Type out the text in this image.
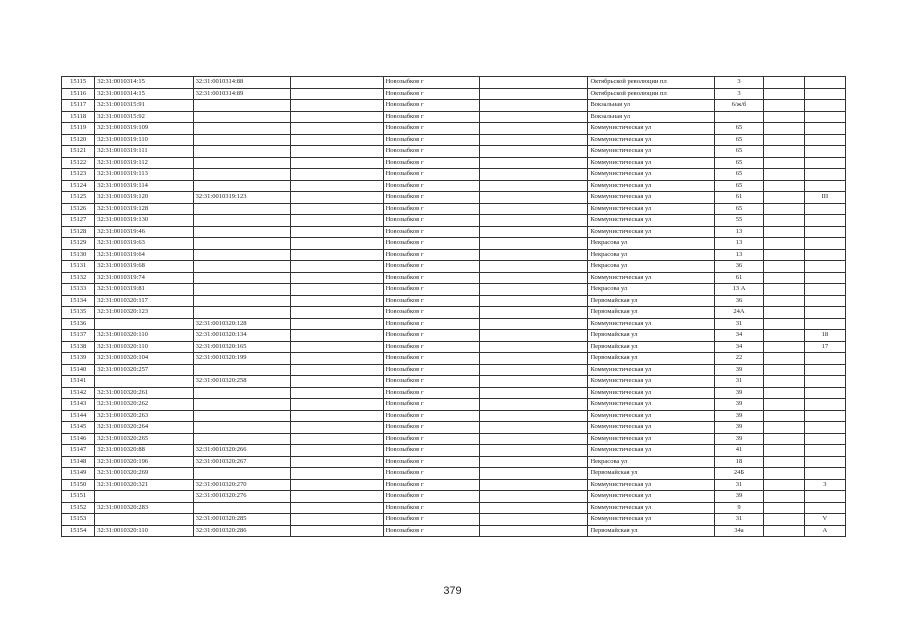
15115	32:31:0010314:15	32:31:0010314:88		Новозыбков г		Октябрьской революции пл	3		
15116	32:31:0010314:15	32:31:0010314:89		Новозыбков г		Октябрьской революции пл	3		
15117	32:31:0010315:91			Новозыбков г		Вокзальная ул	6/ж/б		
15118	32:31:0010315:92			Новозыбков г		Вокзальная ул			
15119	32:31:0010319:109			Новозыбков г		Коммунистическая ул	65		
15120	32:31:0010319:110			Новозыбков г		Коммунистическая ул	65		
15121	32:31:0010319:111			Новозыбков г		Коммунистическая ул	65		
15122	32:31:0010319:112			Новозыбков г		Коммунистическая ул	65		
15123	32:31:0010319:113			Новозыбков г		Коммунистическая ул	65		
15124	32:31:0010319:114			Новозыбков г		Коммунистическая ул	65		
15125	32:31:0010319:120	32:31:0010319:123		Новозыбков г		Коммунистическая ул	61		III
15126	32:31:0010319:128			Новозыбков г		Коммунистическая ул	65		
15127	32:31:0010319:130			Новозыбков г		Коммунистическая ул	55		
15128	32:31:0010319:46			Новозыбков г		Коммунистическая ул	13		
15129	32:31:0010319:63			Новозыбков г		Некрасова ул	13		
15130	32:31:0010319:64			Новозыбков г		Некрасова ул	13		
15131	32:31:0010319:68			Новозыбков г		Некрасова ул	36		
15132	32:31:0010319:74			Новозыбков г		Коммунистическая ул	61		
15133	32:31:0010319:81			Новозыбков г		Некрасова ул	13 А		
15134	32:31:0010320:117			Новозыбков г		Первомайская ул	36		
15135	32:31:0010320:123			Новозыбков г		Первомайская ул	24А		
15136		32:31:0010320:128		Новозыбков г		Коммунистическая ул	31		
15137	32:31:0010320:110	32:31:0010320:134		Новозыбков г		Первомайская ул	34		18
15138	32:31:0010320:110	32:31:0010320:165		Новозыбков г		Первомайская ул	34		17
15139	32:31:0010320:104	32:31:0010320:199		Новозыбков г		Первомайская ул	22		
15140	32:31:0010320:257			Новозыбков г		Коммунистическая ул	39		
15141		32:31:0010320:258		Новозыбков г		Коммунистическая ул	31		
15142	32:31:0010320:261			Новозыбков г		Коммунистическая ул	39		
15143	32:31:0010320:262			Новозыбков г		Коммунистическая ул	39		
15144	32:31:0010320:263			Новозыбков г		Коммунистическая ул	39		
15145	32:31:0010320:264			Новозыбков г		Коммунистическая ул	39		
15146	32:31:0010320:265			Новозыбков г		Коммунистическая ул	39		
15147	32:31:0010320:88	32:31:0010320:266		Новозыбков г		Коммунистическая ул	41		
15148	32:31:0010320:196	32:31:0010320:267		Новозыбков г		Некрасова ул	18		
15149	32:31:0010320:269			Новозыбков г		Первомайская ул	24Б		
15150	32:31:0010320:321	32:31:0010320:270		Новозыбков г		Коммунистическая ул	31		3
15151		32:31:0010320:276		Новозыбков г		Коммунистическая ул	39		
15152	32:31:0010320:283			Новозыбков г		Коммунистическая ул	9		
15153		32:31:0010320:285		Новозыбков г		Коммунистическая ул	31		V
15154	32:31:0010320:110	32:31:0010320:286		Новозыбков г		Первомайская ул	34а		А
379
